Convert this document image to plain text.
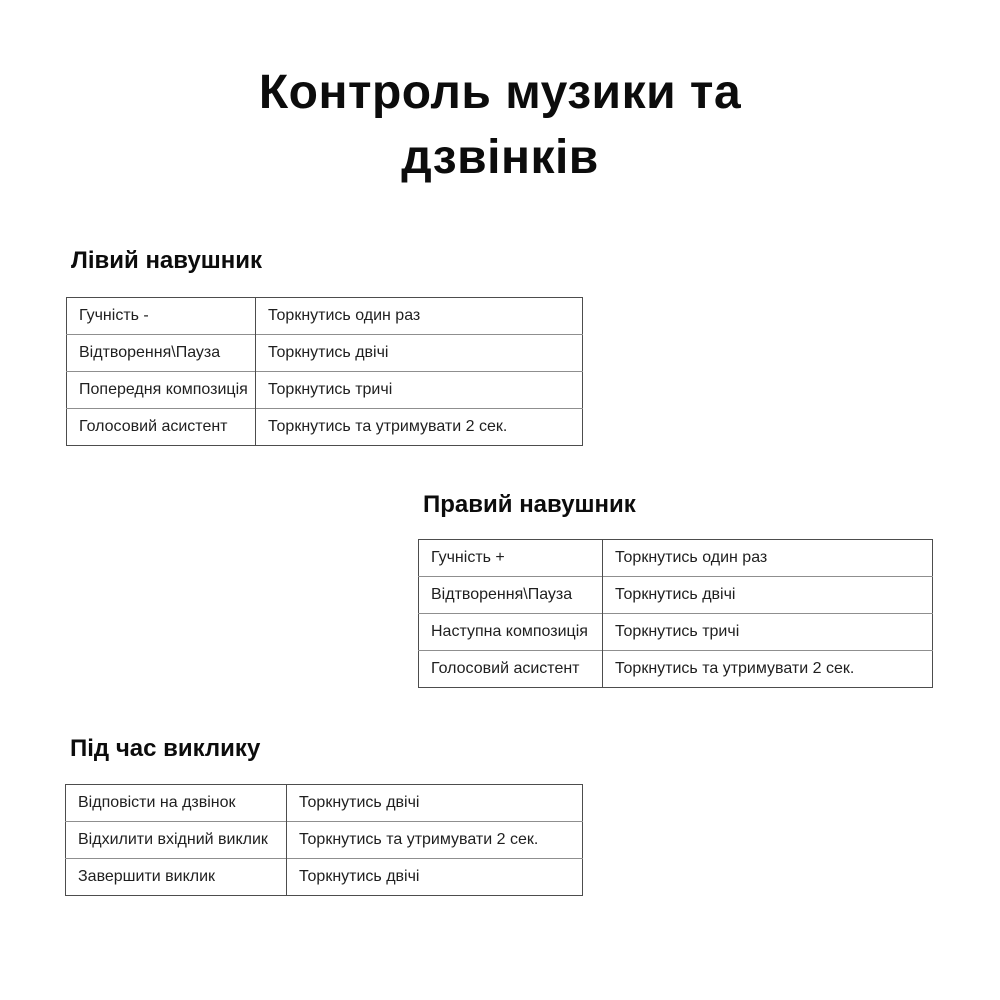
Контроль музики та дзвінків
Лівий навушник
Гучність -	Торкнутись один раз
Відтворення\Пауза	Торкнутись двічі
Попередня композиція	Торкнутись тричі
Голосовий асистент	Торкнутись та утримувати 2 сек.
Правий навушник
Гучність +	Торкнутись один раз
Відтворення\Пауза	Торкнутись двічі
Наступна композиція	Торкнутись тричі
Голосовий асистент	Торкнутись та утримувати 2 сек.
Під час виклику
Відповісти на дзвінок	Торкнутись двічі
Відхилити вхідний виклик	Торкнутись та утримувати 2 сек.
Завершити виклик	Торкнутись двічі
